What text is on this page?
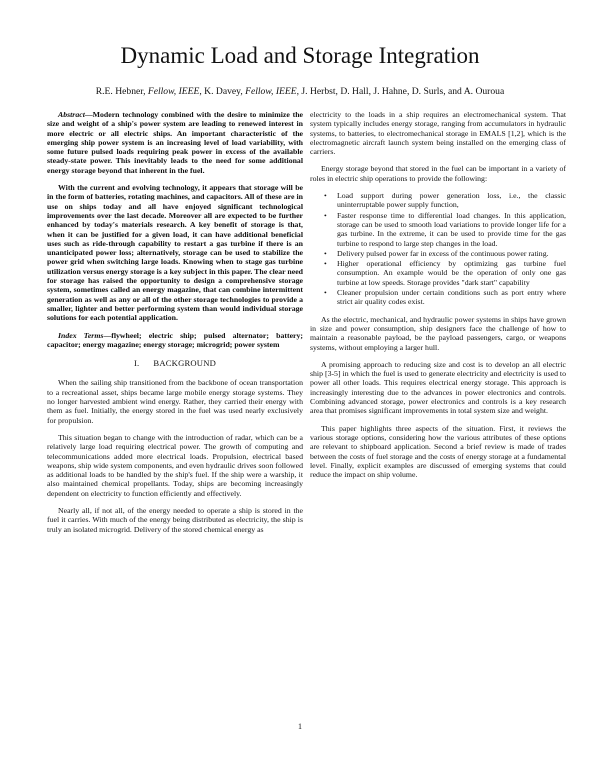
Dynamic Load and Storage Integration
R.E. Hebner, Fellow, IEEE, K. Davey, Fellow, IEEE, J. Herbst, D. Hall, J. Hahne, D. Surls, and A. Ouroua

Abstract—Modern technology combined with the desire to minimize the size and weight of a ship's power system are leading to renewed interest in more electric or all electric ships. An important characteristic of the emerging ship power system is an increasing level of load variability, with some future pulsed loads requiring peak power in excess of the available steady-state power. This inevitably leads to the need for some additional energy storage beyond that inherent in the fuel.

With the current and evolving technology, it appears that storage will be in the form of batteries, rotating machines, and capacitors. All of these are in use on ships today and all have enjoyed significant technological improvements over the last decade. Moreover all are expected to be further enhanced by today's materials research. A key benefit of storage is that, when it can be justified for a given load, it can have additional beneficial uses such as ride-through capability to restart a gas turbine if there is an unanticipated power loss; alternatively, storage can be used to stabilize the power grid when switching large loads. Knowing when to stage gas turbine utilization versus energy storage is a key subject in this paper. The clear need for storage has raised the opportunity to design a comprehensive storage system, sometimes called an energy magazine, that can combine intermittent generation as well as any or all of the other storage technologies to provide a smaller, lighter and better performing system than would individual storage solutions for each potential application.

Index Terms—flywheel; electric ship; pulsed alternator; battery; capacitor; energy magazine; energy storage; microgrid; power system

I. BACKGROUND

When the sailing ship transitioned from the backbone of ocean transportation to a recreational asset, ships became large mobile energy storage systems. They no longer harvested ambient wind energy. Rather, they carried their energy with them as fuel. Initially, the energy stored in the fuel was used nearly exclusively for propulsion.

This situation began to change with the introduction of radar, which can be a relatively large load requiring electrical power. The growth of computing and telecommunications added more electrical loads. Propulsion, electrical based weapons, ship wide system components, and even hydraulic drives soon followed as additional loads to be handled by the ship's fuel. If the ship were a warship, it also maintained chemical propellants. Today, ships are becoming increasingly dependent on electricity to function efficiently and effectively.

Nearly all, if not all, of the energy needed to operate a ship is stored in the fuel it carries. With much of the energy being distributed as electricity, the ship is truly an isolated microgrid. Delivery of the stored chemical energy as

electricity to the loads in a ship requires an electromechanical system. That system typically includes energy storage, ranging from accumulators in hydraulic systems, to batteries, to electromechanical storage in EMALS [1,2], which is the electromagnetic aircraft launch system being installed on the emerging class of carriers.

Energy storage beyond that stored in the fuel can be important in a variety of roles in electric ship operations to provide the following:

• Load support during power generation loss, i.e., the classic uninterruptable power supply function,
• Faster response time to differential load changes. In this application, storage can be used to smooth load variations to provide longer life for a gas turbine. In the extreme, it can be used to provide time for the gas turbine to respond to large step changes in the load.
• Delivery pulsed power far in excess of the continuous power rating.
• Higher operational efficiency by optimizing gas turbine fuel consumption. An example would be the operation of only one gas turbine at low speeds. Storage provides "dark start" capability
• Cleaner propulsion under certain conditions such as port entry where strict air quality codes exist.

As the electric, mechanical, and hydraulic power systems in ships have grown in size and power consumption, ship designers face the challenge of how to maintain a reasonable payload, be the payload passengers, cargo, or weapons systems, without employing a larger hull.

A promising approach to reducing size and cost is to develop an all electric ship [3-5] in which the fuel is used to generate electricity and electricity is used to power all other loads. This requires electrical energy storage. This approach is increasingly interesting due to the advances in power electronics and controls. Combining advanced storage, power electronics and controls is a key research area that promises significant improvements in total system size and weight.

This paper highlights three aspects of the situation. First, it reviews the various storage options, considering how the various attributes of these options are relevant to shipboard application. Second a brief review is made of trades between the costs of fuel storage and the costs of energy storage at a fundamental level. Finally, explicit examples are discussed of emerging systems that could reduce the impact on ship volume.

1
